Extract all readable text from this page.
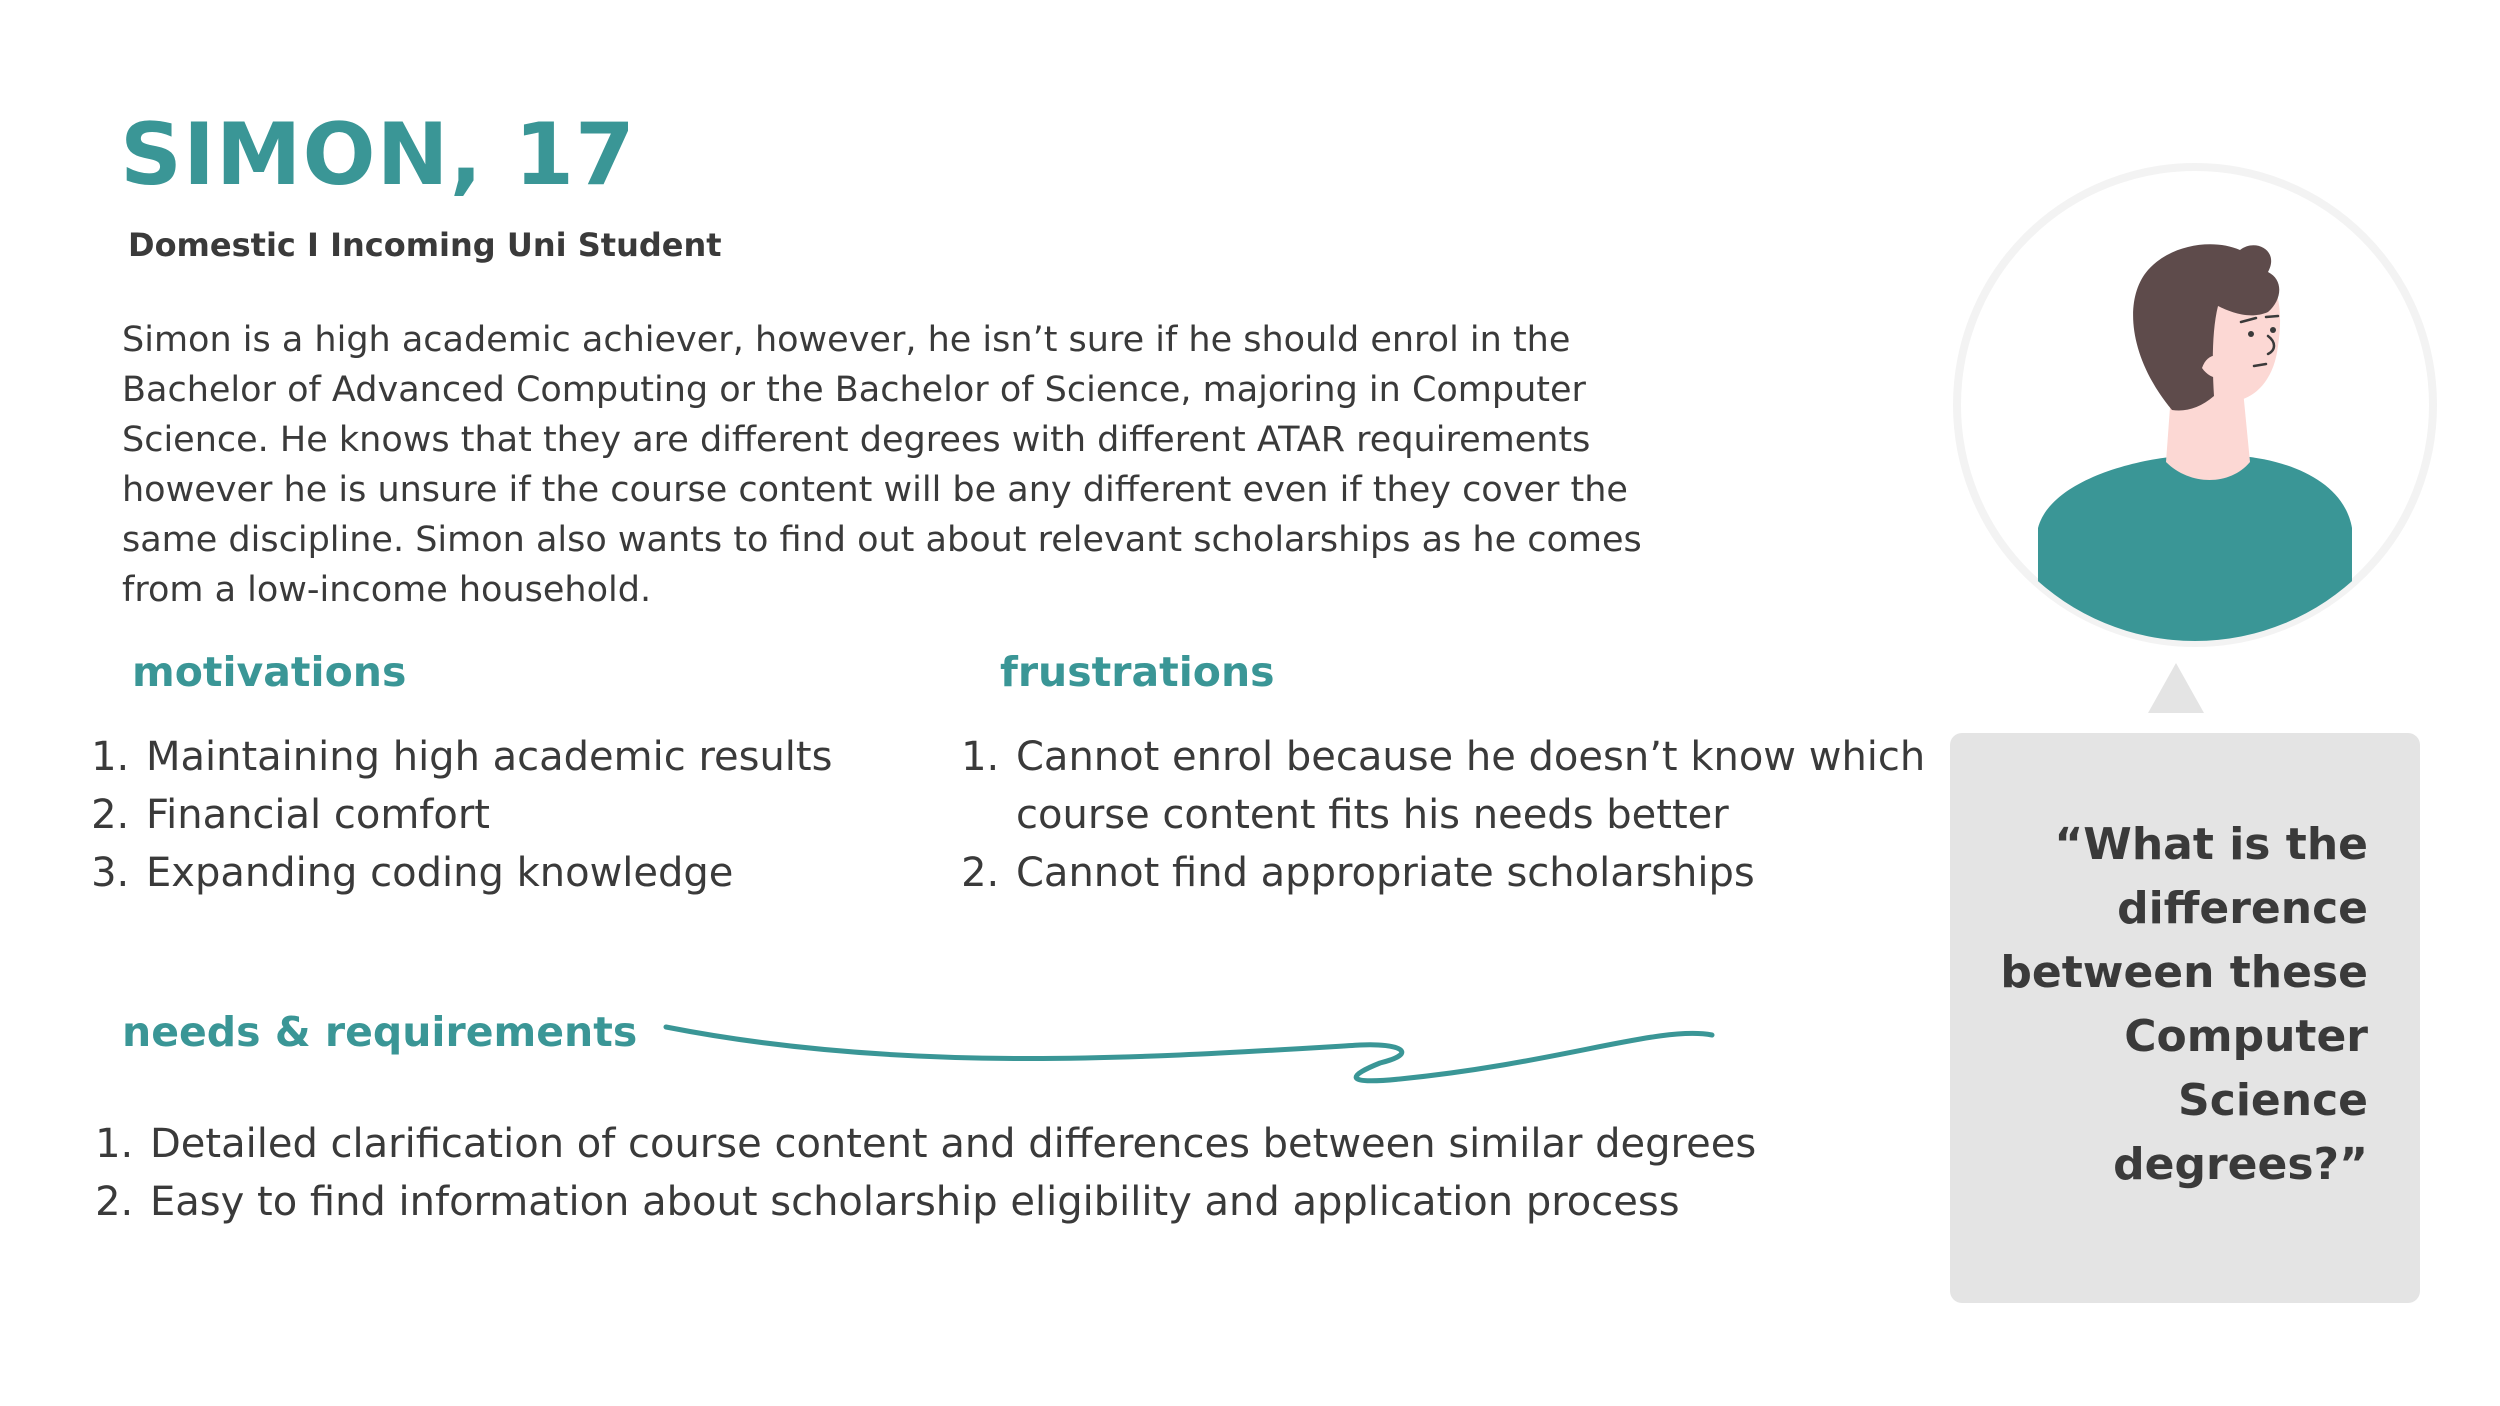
SIMON, 17
Domestic I Incoming Uni Student

Simon is a high academic achiever, however, he isn’t sure if he should enrol in the Bachelor of Advanced Computing or the Bachelor of Science, majoring in Computer Science. He knows that they are different degrees with different ATAR requirements however he is unsure if the course content will be any different even if they cover the same discipline. Simon also wants to find out about relevant scholarships as he comes from a low-income household.

motivations
1. Maintaining high academic results
2. Financial comfort
3. Expanding coding knowledge
frustrations
1. Cannot enrol because he doesn’t know which course content fits his needs better
2. Cannot find appropriate scholarships
needs & requirements
1. Detailed clarification of course content and differences between similar degrees
2. Easy to find information about scholarship eligibility and application process

“What is the difference between these Computer Science degrees?”
